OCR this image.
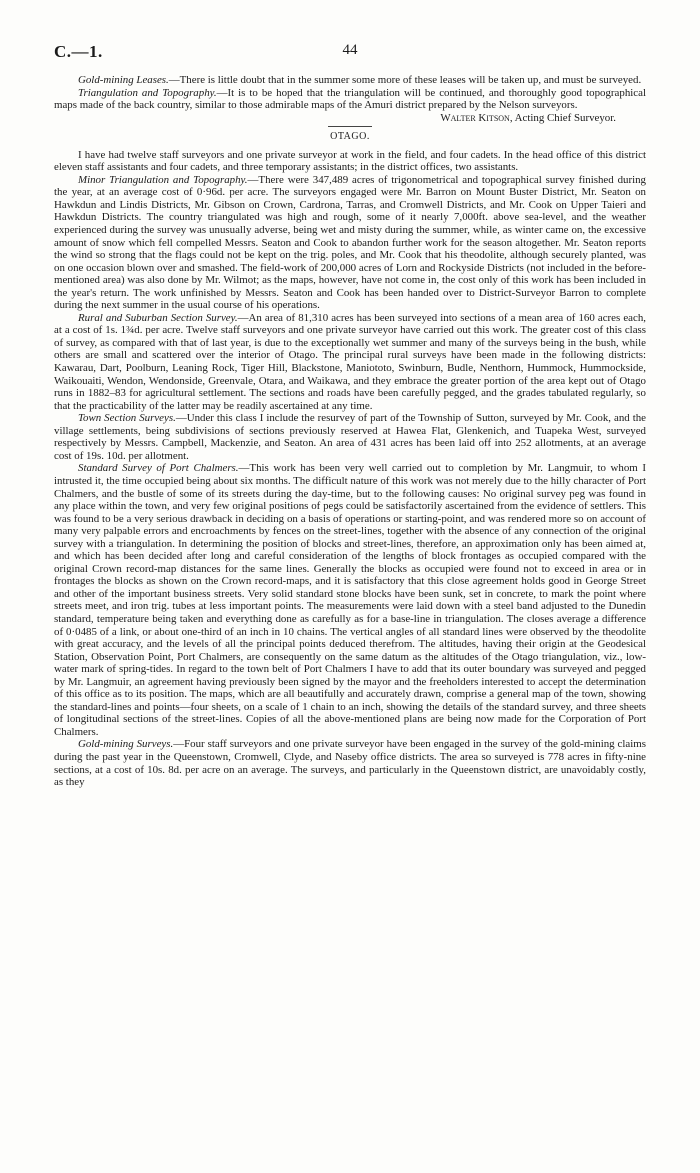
C.—1.	44

Gold-mining Leases.—There is little doubt that in the summer some more of these leases will be taken up, and must be surveyed.

Triangulation and Topography.—It is to be hoped that the triangulation will be continued, and thoroughly good topographical maps made of the back country, similar to those admirable maps of the Amuri district prepared by the Nelson surveyors.

Walter Kitson, Acting Chief Surveyor.

OTAGO.

I have had twelve staff surveyors and one private surveyor at work in the field, and four cadets. In the head office of this district eleven staff assistants and four cadets, and three temporary assistants; in the district offices, two assistants.

Minor Triangulation and Topography.—There were 347,489 acres of trigonometrical and topographical survey finished during the year, at an average cost of 0·96d. per acre. The surveyors engaged were Mr. Barron on Mount Buster District, Mr. Seaton on Hawkdun and Lindis Districts, Mr. Gibson on Crown, Cardrona, Tarras, and Cromwell Districts, and Mr. Cook on Upper Taieri and Hawkdun Districts. The country triangulated was high and rough, some of it nearly 7,000ft. above sea-level, and the weather experienced during the survey was unusually adverse, being wet and misty during the summer, while, as winter came on, the excessive amount of snow which fell compelled Messrs. Seaton and Cook to abandon further work for the season altogether. Mr. Seaton reports the wind so strong that the flags could not be kept on the trig. poles, and Mr. Cook that his theodolite, although securely planted, was on one occasion blown over and smashed. The field-work of 200,000 acres of Lorn and Rockyside Districts (not included in the before-mentioned area) was also done by Mr. Wilmot; as the maps, however, have not come in, the cost only of this work has been included in the year's return. The work unfinished by Messrs. Seaton and Cook has been handed over to District-Surveyor Barron to complete during the next summer in the usual course of his operations.

Rural and Suburban Section Survey.—An area of 81,310 acres has been surveyed into sections of a mean area of 160 acres each, at a cost of 1s. 1¾d. per acre. Twelve staff surveyors and one private surveyor have carried out this work. The greater cost of this class of survey, as compared with that of last year, is due to the exceptionally wet summer and many of the surveys being in the bush, while others are small and scattered over the interior of Otago. The principal rural surveys have been made in the following districts: Kawarau, Dart, Poolburn, Leaning Rock, Tiger Hill, Blackstone, Maniototo, Swinburn, Budle, Nenthorn, Hummock, Hummockside, Waikouaiti, Wendon, Wendonside, Greenvale, Otara, and Waikawa, and they embrace the greater portion of the area kept out of Otago runs in 1882–83 for agricultural settlement. The sections and roads have been carefully pegged, and the grades tabulated regularly, so that the practicability of the latter may be readily ascertained at any time.

Town Section Surveys.—Under this class I include the resurvey of part of the Township of Sutton, surveyed by Mr. Cook, and the village settlements, being subdivisions of sections previously reserved at Hawea Flat, Glenkenich, and Tuapeka West, surveyed respectively by Messrs. Campbell, Mackenzie, and Seaton. An area of 431 acres has been laid off into 252 allotments, at an average cost of 19s. 10d. per allotment.

Standard Survey of Port Chalmers.—This work has been very well carried out to completion by Mr. Langmuir, to whom I intrusted it, the time occupied being about six months. The difficult nature of this work was not merely due to the hilly character of Port Chalmers, and the bustle of some of its streets during the day-time, but to the following causes: No original survey peg was found in any place within the town, and very few original positions of pegs could be satisfactorily ascertained from the evidence of settlers. This was found to be a very serious drawback in deciding on a basis of operations or starting-point, and was rendered more so on account of many very palpable errors and encroachments by fences on the street-lines, together with the absence of any connection of the original survey with a triangulation. In determining the position of blocks and street-lines, therefore, an approximation only has been aimed at, and which has been decided after long and careful consideration of the lengths of block frontages as occupied compared with the original Crown record-map distances for the same lines. Generally the blocks as occupied were found not to exceed in area or in frontages the blocks as shown on the Crown record-maps, and it is satisfactory that this close agreement holds good in George Street and other of the important business streets. Very solid standard stone blocks have been sunk, set in concrete, to mark the point where streets meet, and iron trig. tubes at less important points. The measurements were laid down with a steel band adjusted to the Dunedin standard, temperature being taken and everything done as carefully as for a base-line in triangulation. The closes average a difference of 0·0485 of a link, or about one-third of an inch in 10 chains. The vertical angles of all standard lines were observed by the theodolite with great accuracy, and the levels of all the principal points deduced therefrom. The altitudes, having their origin at the Geodesical Station, Observation Point, Port Chalmers, are consequently on the same datum as the altitudes of the Otago triangulation, viz., low-water mark of spring-tides. In regard to the town belt of Port Chalmers I have to add that its outer boundary was surveyed and pegged by Mr. Langmuir, an agreement having previously been signed by the mayor and the freeholders interested to accept the determination of this office as to its position. The maps, which are all beautifully and accurately drawn, comprise a general map of the town, showing the standard-lines and points—four sheets, on a scale of 1 chain to an inch, showing the details of the standard survey, and three sheets of longitudinal sections of the street-lines. Copies of all the above-mentioned plans are being now made for the Corporation of Port Chalmers.

Gold-mining Surveys.—Four staff surveyors and one private surveyor have been engaged in the survey of the gold-mining claims during the past year in the Queenstown, Cromwell, Clyde, and Naseby office districts. The area so surveyed is 778 acres in fifty-nine sections, at a cost of 10s. 8d. per acre on an average. The surveys, and particularly in the Queenstown district, are unavoidably costly, as they
